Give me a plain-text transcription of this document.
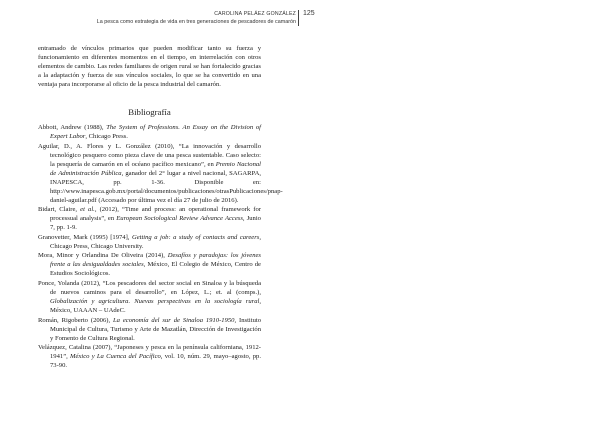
CAROLINA PELÁEZ GONZÁLEZ
La pesca como estrategia de vida en tres generaciones de pescadores de camarón
125

entramado de vínculos primarios que pueden modificar tanto su fuerza y funcionamiento en diferentes momentos en el tiempo, en interrelación con otros elementos de cambio. Las redes familiares de origen rural se han fortalecido gracias a la adaptación y fuerza de sus vínculos sociales, lo que se ha convertido en una ventaja para incorporarse al oficio de la pesca industrial del camarón.

Bibliografía

Abbott, Andrew (1988), The System of Professions. An Essay on the Division of Expert Labor, Chicago Press.

Aguilar, D., A. Flores y L. González (2010), “La innovación y desarrollo tecnológico pesquero como pieza clave de una pesca sustentable. Caso selecto: la pesquería de camarón en el océano pacífico mexicano”, en Premio Nacional de Administración Pública, ganador del 2° lugar a nivel nacional, SAGARPA, INAPESCA, pp. 1-36. Disponible en: http://www.inapesca.gob.mx/portal/documentos/publicaciones/otrasPublicaciones/pnap-daniel-aguilar.pdf (Accesado por última vez el día 27 de julio de 2016).

Bidart, Claire, et al., (2012), “Time and process: an operational framework for processual analysis”, en European Sociological Review Advance Access, Junio 7, pp. 1-9.

Granovetter, Mark (1995) [1974], Getting a job: a study of contacts and careers, Chicago Press, Chicago University.

Mora, Minor y Orlandina De Oliveira (2014), Desafíos y paradojas: los jóvenes frente a las desigualdades sociales, México, El Colegio de México, Centro de Estudios Sociológicos.

Ponce, Yolanda (2012), “Los pescadores del sector social en Sinaloa y la búsqueda de nuevos caminos para el desarrollo”, en López, L.; et. al (comps.), Globalización y agricultura. Nuevas perspectivas en la sociología rural, México, UAAAN – UAdeC.

Román, Rigoberto (2006), La economía del sur de Sinaloa 1910-1950, Instituto Municipal de Cultura, Turismo y Arte de Mazatlán, Dirección de Investigación y Fomento de Cultura Regional.

Velázquez, Catalina (2007), “Japoneses y pesca en la península californiana, 1912-1941”, México y La Cuenca del Pacífico, vol. 10, núm. 29, mayo–agosto, pp. 73-90.
